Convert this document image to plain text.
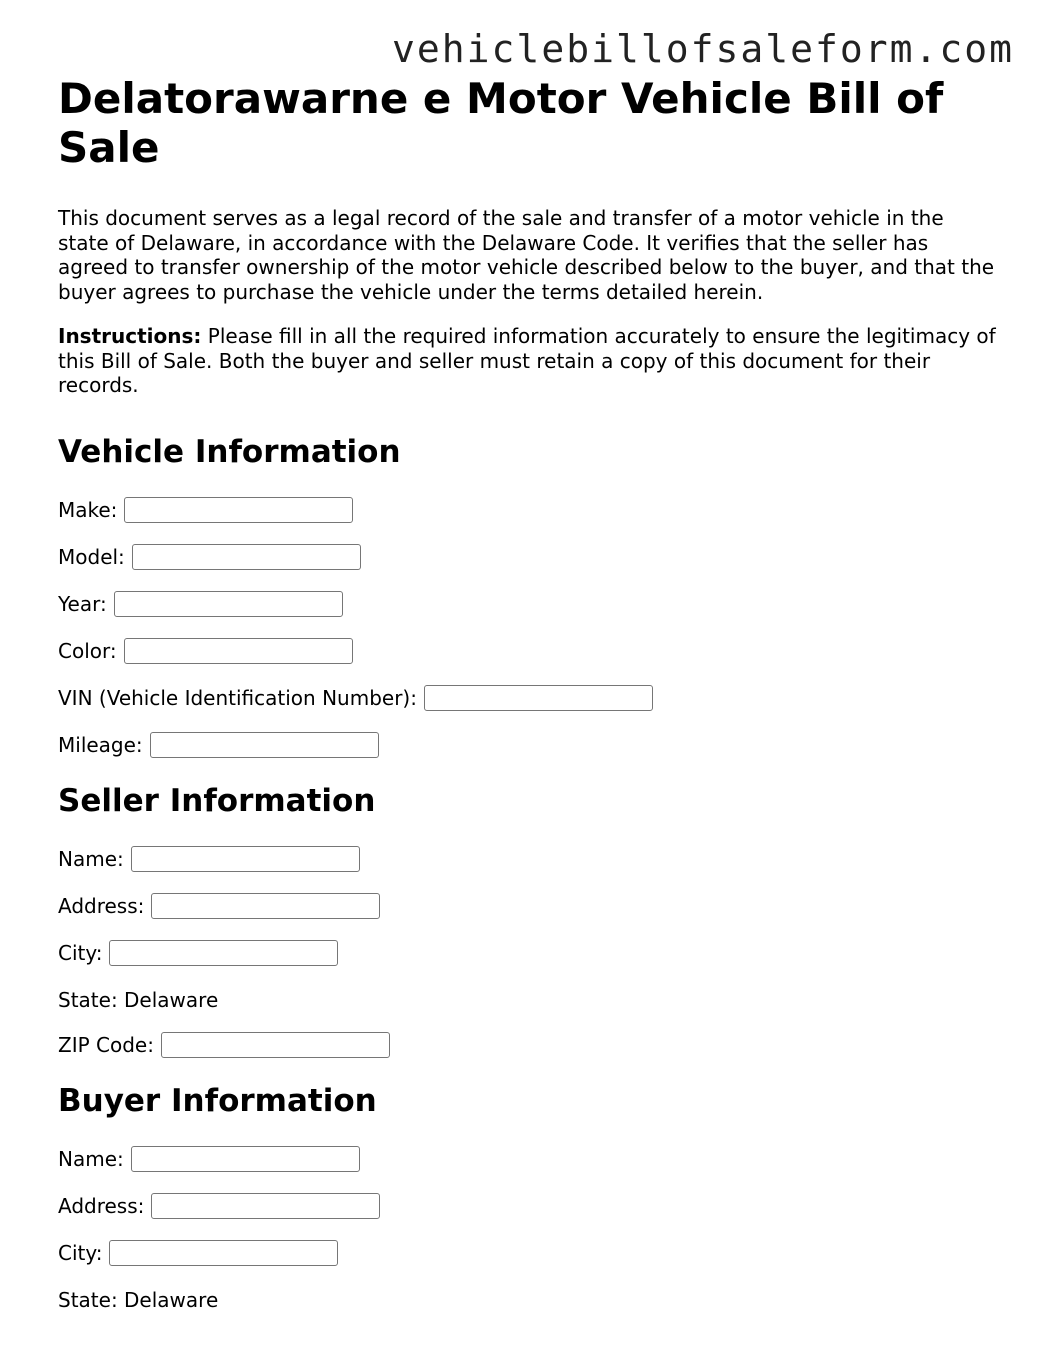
vehiclebillofsaleform.com
Delatorawarne e Motor Vehicle Bill of Sale

This document serves as a legal record of the sale and transfer of a motor vehicle in the state of Delaware, in accordance with the Delaware Code. It verifies that the seller has agreed to transfer ownership of the motor vehicle described below to the buyer, and that the buyer agrees to purchase the vehicle under the terms detailed herein.

Instructions: Please fill in all the required information accurately to ensure the legitimacy of this Bill of Sale. Both the buyer and seller must retain a copy of this document for their records.

Vehicle Information
Make:
Model:
Year:
Color:
VIN (Vehicle Identification Number):
Mileage:
Seller Information
Name:
Address:
City:
State: Delaware
ZIP Code:
Buyer Information
Name:
Address:
City:
State: Delaware
